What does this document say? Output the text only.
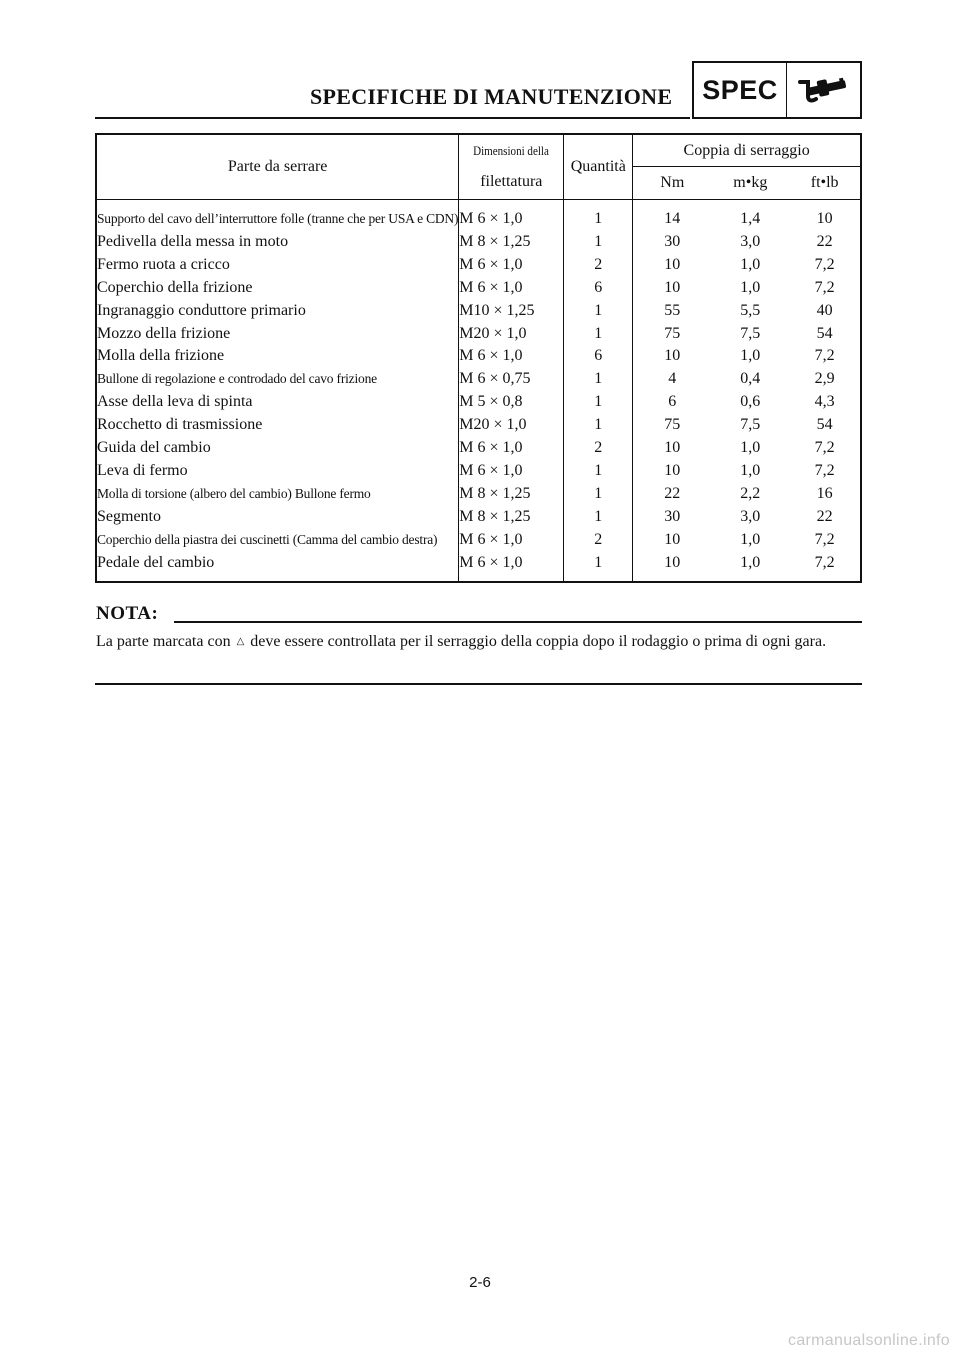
SPECIFICHE DI MANUTENZIONE	SPEC
Parte da serrare	Dimensioni della
filettatura	Quantità	Coppia di serraggio		
			Nm	m•kg	ft•lb
Supporto del cavo dell’interruttore folle (tranne che per USA e CDN)	M 6 × 1,0	1	14	1,4	10
Pedivella della messa in moto	M 8 × 1,25	1	30	3,0	22
Fermo ruota a cricco	M 6 × 1,0	2	10	1,0	7,2
Coperchio della frizione	M 6 × 1,0	6	10	1,0	7,2
Ingranaggio conduttore primario	M10 × 1,25	1	55	5,5	40
Mozzo della frizione	M20 × 1,0	1	75	7,5	54
Molla della frizione	M 6 × 1,0	6	10	1,0	7,2
Bullone di regolazione e controdado del cavo frizione	M 6 × 0,75	1	4	0,4	2,9
Asse della leva di spinta	M 5 × 0,8	1	6	0,6	4,3
Rocchetto di trasmissione	M20 × 1,0	1	75	7,5	54
Guida del cambio	M 6 × 1,0	2	10	1,0	7,2
Leva di fermo	M 6 × 1,0	1	10	1,0	7,2
Molla di torsione (albero del cambio) Bullone fermo	M 8 × 1,25	1	22	2,2	16
Segmento	M 8 × 1,25	1	30	3,0	22
Coperchio della piastra dei cuscinetti (Camma del cambio destra)	M 6 × 1,0	2	10	1,0	7,2
Pedale del cambio	M 6 × 1,0	1	10	1,0	7,2
NOTA:
La parte marcata con △ deve essere controllata per il serraggio della coppia dopo il rodaggio o prima di ogni gara.
2-6
carmanualsonline.info
